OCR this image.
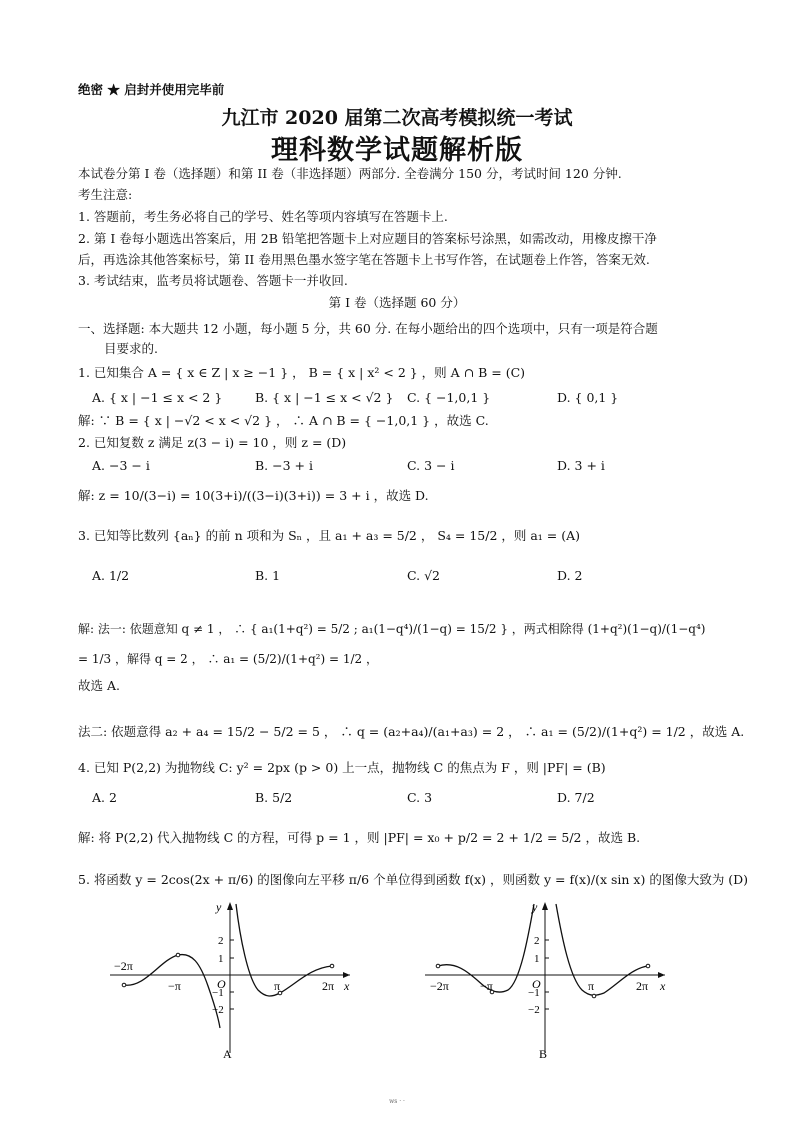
绝密 ★ 启封并使用完毕前
九江市 2020 届第二次高考模拟统一考试
理科数学试题解析版
本试卷分第 I 卷（选择题）和第 II 卷（非选择题）两部分. 全卷满分 150 分，考试时间 120 分钟.
考生注意:
1. 答题前，考生务必将自己的学号、姓名等项内容填写在答题卡上.
2. 第 I 卷每小题选出答案后，用 2B 铅笔把答题卡上对应题目的答案标号涂黑，如需改动，用橡皮擦干净
后，再选涂其他答案标号，第 II 卷用黑色墨水签字笔在答题卡上书写作答，在试题卷上作答，答案无效.
3. 考试结束，监考员将试题卷、答题卡一并收回.
第 I 卷（选择题 60 分）
一、选择题: 本大题共 12 小题，每小题 5 分，共 60 分. 在每小题给出的四个选项中，只有一项是符合题
目要求的.
1. 已知集合 A = { x ∈ Z | x ≥ −1 } ， B = { x | x² < 2 } ，则 A ∩ B = (C)
A. { x | −1 ≤ x < 2 }	B. { x | −1 ≤ x < √2 } C. { −1,0,1 }	D. { 0,1 }
解: ∵ B = { x | −√2 < x < √2 } ， ∴ A ∩ B = { −1,0,1 } ，故选 C.
2. 已知复数 z 满足 z(3 − i) = 10 ，则 z = (D)
A. −3 − i	B. −3 + i	C. 3 − i	D. 3 + i
解: z = 10/(3−i) = 10(3+i)/((3−i)(3+i)) = 3 + i ，故选 D.
3. 已知等比数列 {aₙ} 的前 n 项和为 Sₙ ，且 a₁ + a₃ = 5/2 ， S₄ = 15/2 ，则 a₁ = (A)
A. 1/2	B. 1	C. √2	D. 2
解: 法一: 依题意知 q ≠ 1 ， ∴ { a₁(1+q²) = 5/2 ; a₁(1−q⁴)/(1−q) = 15/2 } ，两式相除得 (1+q²)(1−q)/(1−q⁴) = 1/3 ，解得 q = 2 ， ∴ a₁ = (5/2)/(1+q²) = 1/2 ，
故选 A.
法二: 依题意得 a₂ + a₄ = 15/2 − 5/2 = 5 ， ∴ q = (a₂+a₄)/(a₁+a₃) = 2 ， ∴ a₁ = (5/2)/(1+q²) = 1/2 ，故选 A.
4. 已知 P(2,2) 为抛物线 C: y² = 2px (p > 0) 上一点，抛物线 C 的焦点为 F ，则 |PF| = (B)
A. 2	B. 5/2	C. 3	D. 7/2
解: 将 P(2,2) 代入抛物线 C 的方程，可得 p = 1 ，则 |PF| = x₀ + p/2 = 2 + 1/2 = 5/2 ，故选 B.
5. 将函数 y = 2cos(2x + π/6) 的图像向左平移 π/6 个单位得到函数 f(x) ，则函数 y = f(x)/(x sin x) 的图像大致为 (D)
−2π
−π	O	π	2π x
y
2
1
−1
−2
A
−2π	−π	O	π	2π x
y
2
1
−1
−2
B
ws · ·
